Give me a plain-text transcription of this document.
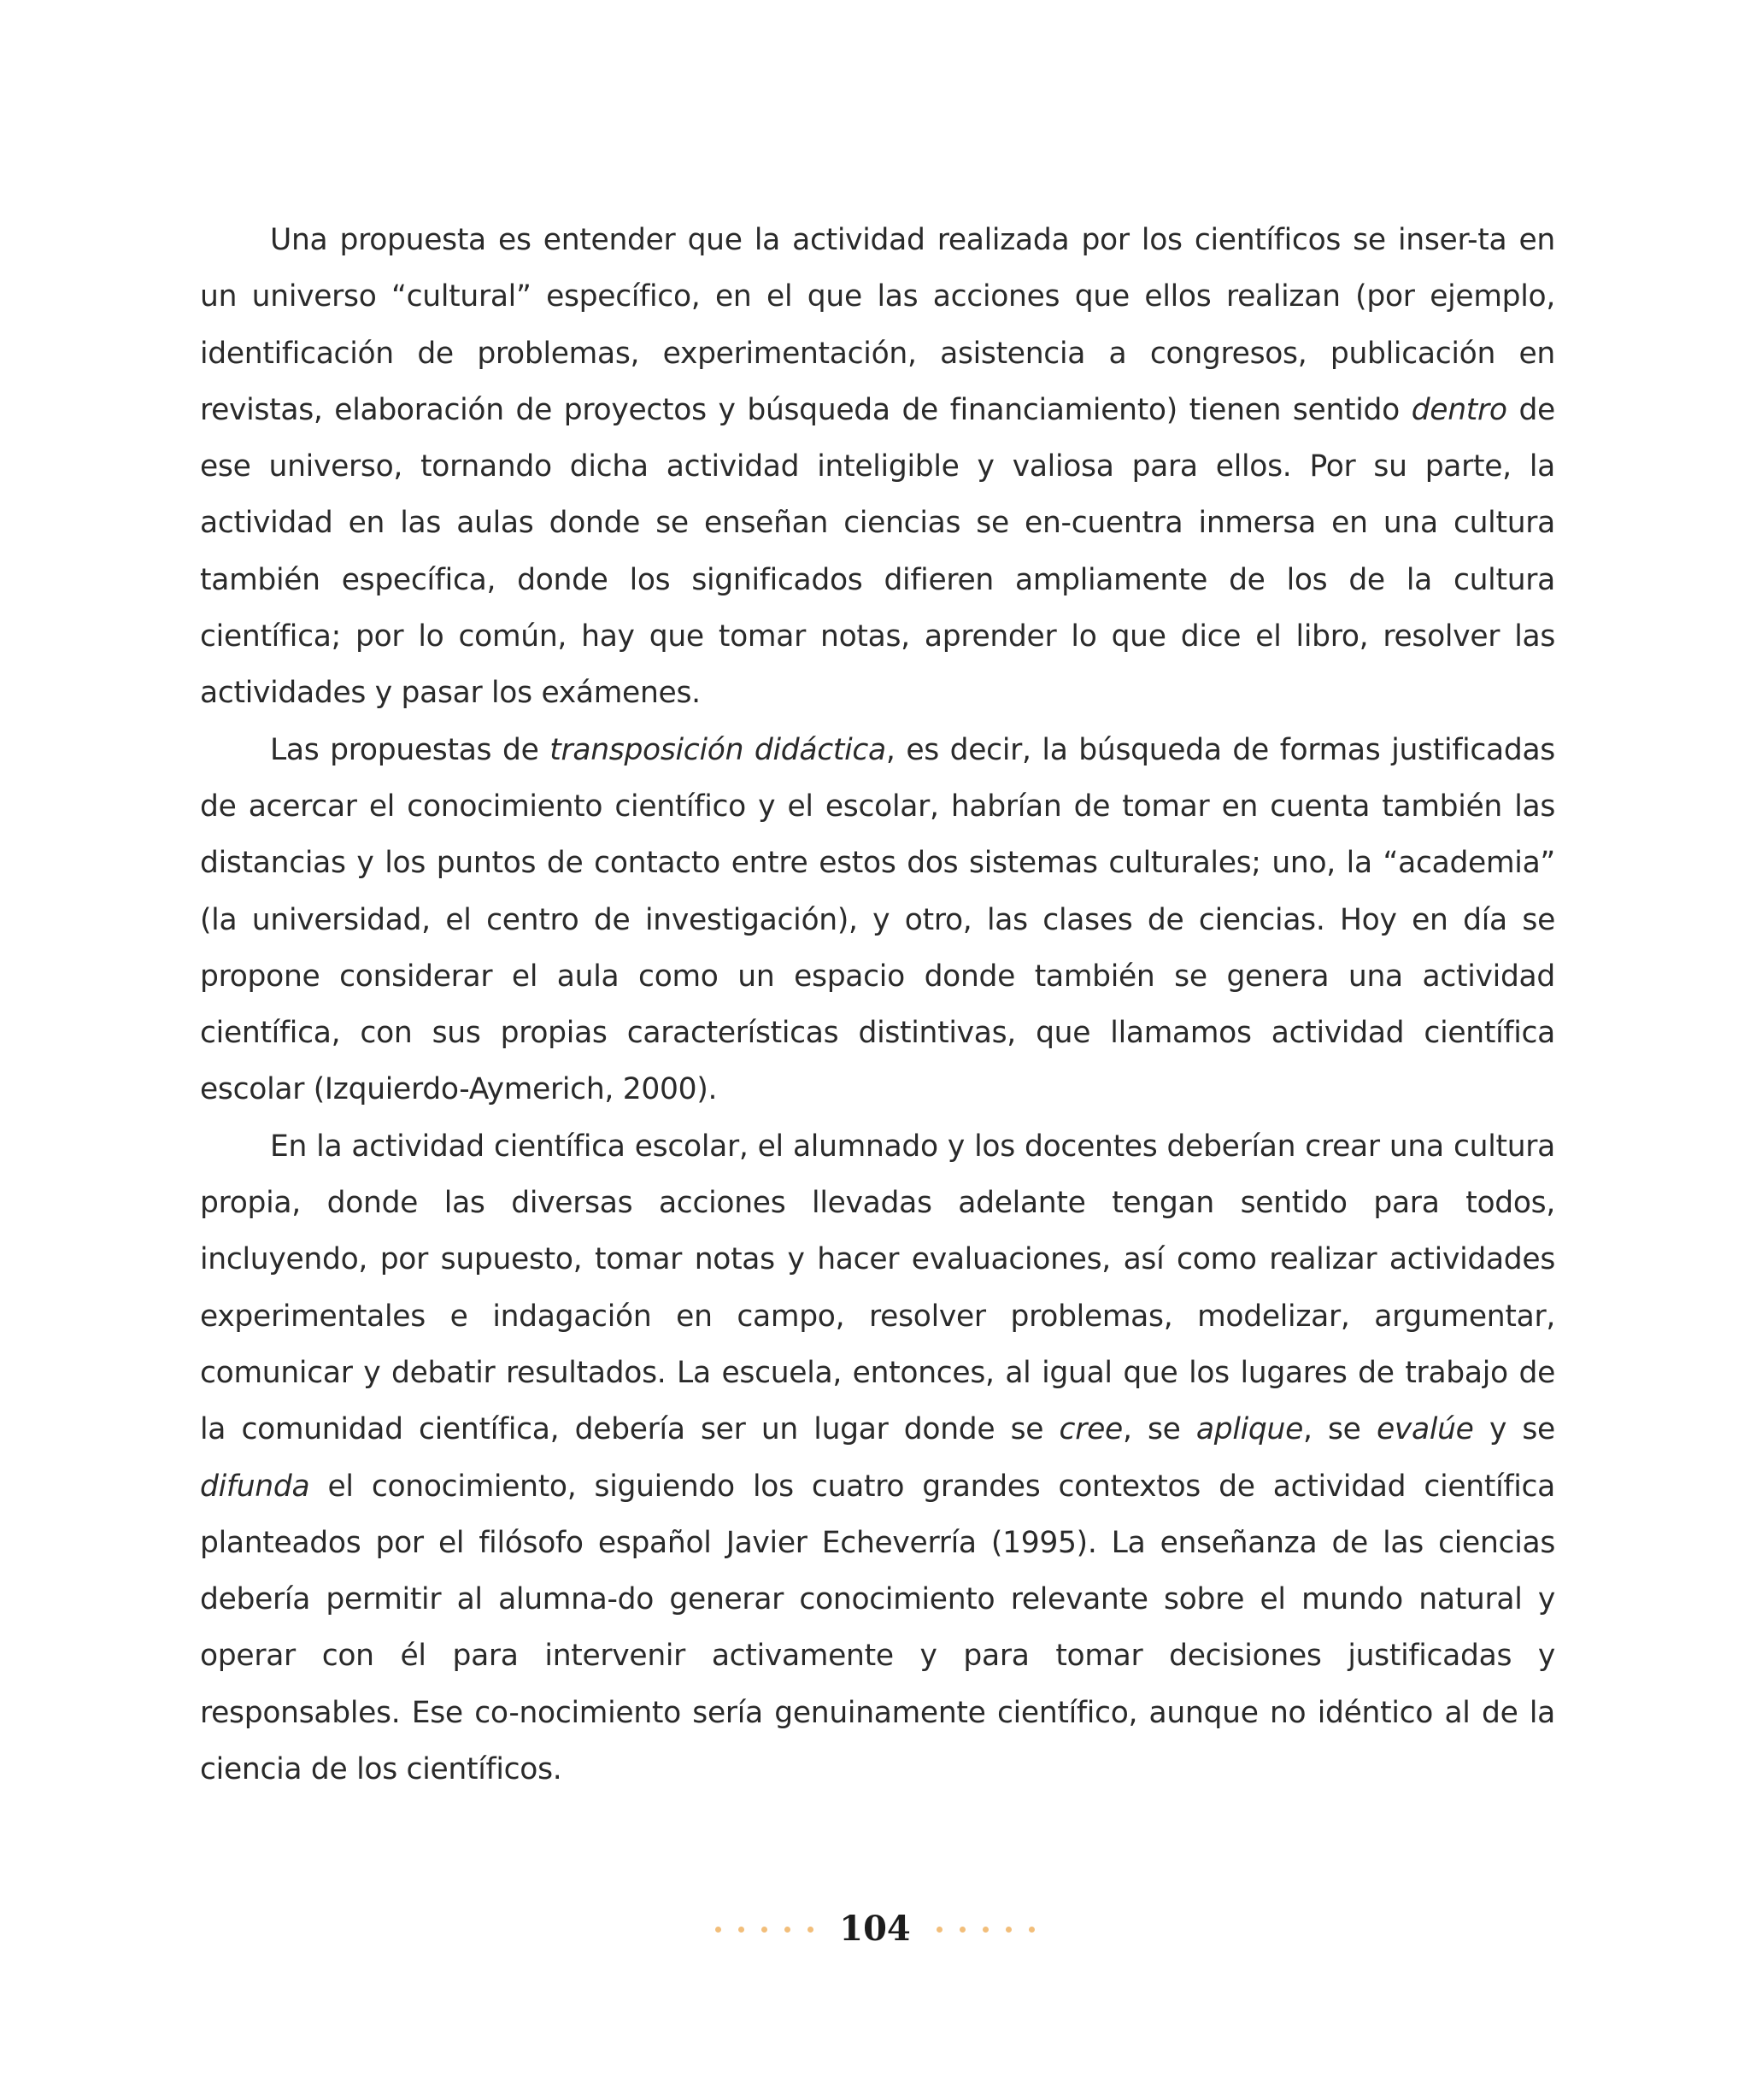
Una propuesta es entender que la actividad realizada por los científicos se inser-ta en un universo “cultural” específico, en el que las acciones que ellos realizan (por ejemplo, identificación de problemas, experimentación, asistencia a congresos, publicación en revistas, elaboración de proyectos y búsqueda de financiamiento) tienen sentido dentro de ese universo, tornando dicha actividad inteligible y valiosa para ellos. Por su parte, la actividad en las aulas donde se enseñan ciencias se en-cuentra inmersa en una cultura también específica, donde los significados difieren ampliamente de los de la cultura científica; por lo común, hay que tomar notas, aprender lo que dice el libro, resolver las actividades y pasar los exámenes.

Las propuestas de transposición didáctica, es decir, la búsqueda de formas justificadas de acercar el conocimiento científico y el escolar, habrían de tomar en cuenta también las distancias y los puntos de contacto entre estos dos sistemas culturales; uno, la “academia” (la universidad, el centro de investigación), y otro, las clases de ciencias. Hoy en día se propone considerar el aula como un espacio donde también se genera una actividad científica, con sus propias características distintivas, que llamamos actividad científica escolar (Izquierdo-Aymerich, 2000).

En la actividad científica escolar, el alumnado y los docentes deberían crear una cultura propia, donde las diversas acciones llevadas adelante tengan sentido para todos, incluyendo, por supuesto, tomar notas y hacer evaluaciones, así como realizar actividades experimentales e indagación en campo, resolver problemas, modelizar, argumentar, comunicar y debatir resultados. La escuela, entonces, al igual que los lugares de trabajo de la comunidad científica, debería ser un lugar donde se cree, se aplique, se evalúe y se difunda el conocimiento, siguiendo los cuatro grandes contextos de actividad científica planteados por el filósofo español Javier Echeverría (1995). La enseñanza de las ciencias debería permitir al alumna-do generar conocimiento relevante sobre el mundo natural y operar con él para intervenir activamente y para tomar decisiones justificadas y responsables. Ese co-nocimiento sería genuinamente científico, aunque no idéntico al de la ciencia de los científicos.

104
